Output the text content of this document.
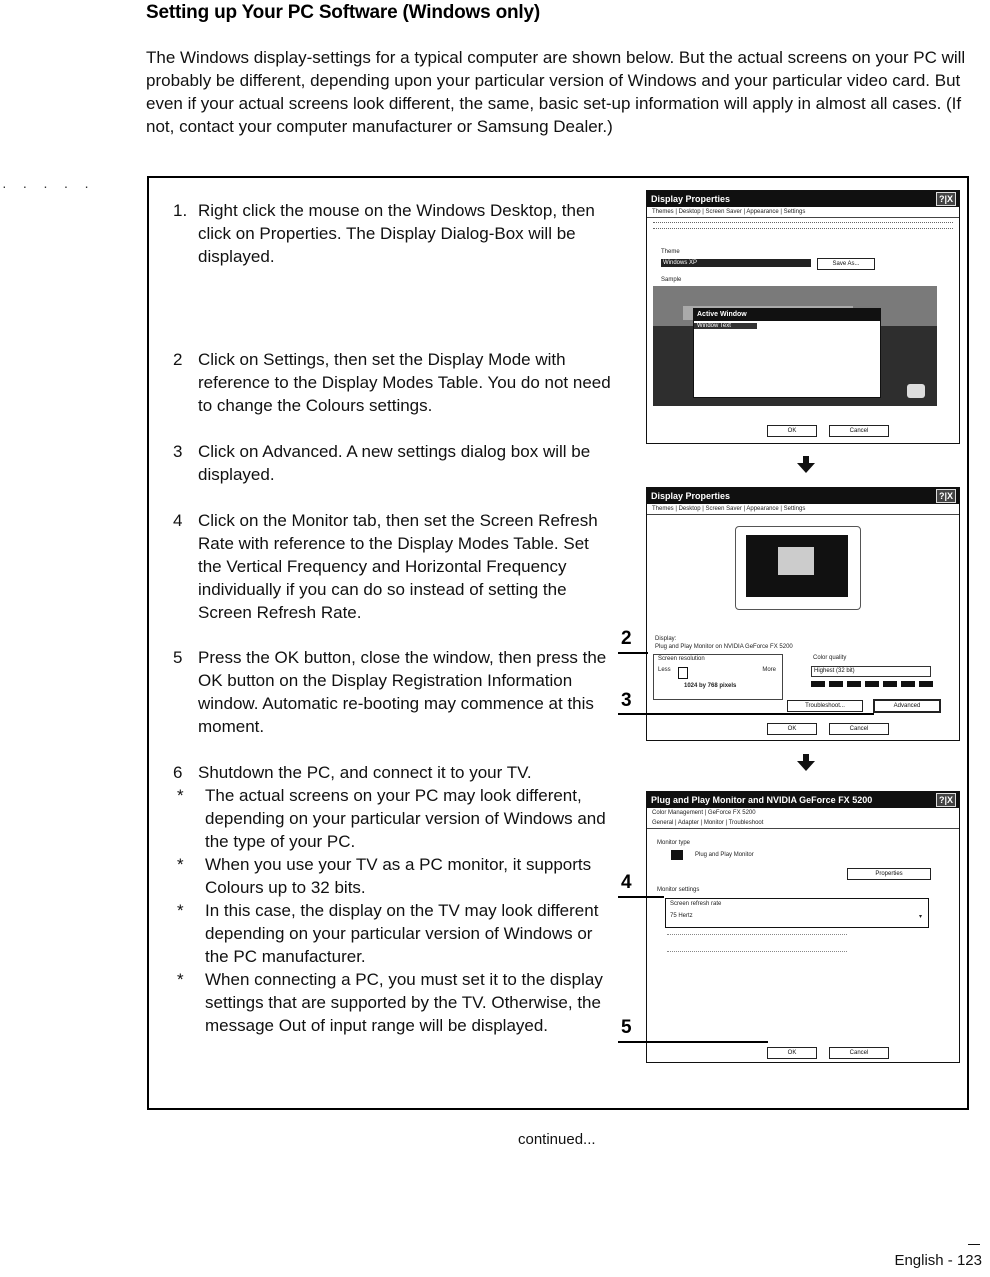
Setting up Your PC Software (Windows only)

The Windows display-settings for a typical computer are shown below. But the actual screens on your PC will probably be different, depending upon your particular version of Windows and your particular video card. But even if your actual screens look different, the same, basic set-up information will apply in almost all cases. (If not, contact your computer manufacturer or Samsung Dealer.)

· · · · ·
1. Right click the mouse on the Windows Desktop, then click on Properties. The Display Dialog-Box will be displayed.
2 Click on Settings, then set the Display Mode with reference to the Display Modes Table. You do not need to change the Colours settings.
3 Click on Advanced. A new settings dialog box will be displayed.
4 Click on the Monitor tab, then set the Screen Refresh Rate with reference to the Display Modes Table. Set the Vertical Frequency and Horizontal Frequency individually if you can do so instead of setting the Screen Refresh Rate.
5 Press the OK button, close the window, then press the OK button on the Display Registration Information window. Automatic re-booting may commence at this moment.
6 Shutdown the PC, and connect it to your TV.
* The actual screens on your PC may look different, depending on your particular version of Windows and the type of your PC.
* When you use your TV as a PC monitor, it supports Colours up to 32 bits.
* In this case, the display on the TV may look different depending on your particular version of Windows or the PC manufacturer.
* When connecting a PC, you must set it to the display settings that are supported by the TV. Otherwise, the message Out of input range will be displayed.
Display Properties	?|X
Themes | Desktop | Screen Saver | Appearance | Settings
Theme
Windows XP	Save As...
Sample
Active Window
Window Text
OK	Cancel
Display Properties	?|X
Themes | Desktop | Screen Saver | Appearance | Settings
Display:
Plug and Play Monitor on NVIDIA GeForce FX 5200
Screen resolution
Less	More
1024 by 768 pixels
Color quality
Highest (32 bit)
Troubleshoot...	Advanced
OK	Cancel
Plug and Play Monitor and NVIDIA GeForce FX 5200	?|X
Color Management | GeForce FX 5200
General | Adapter | Monitor | Troubleshoot
Monitor type
Plug and Play Monitor
Properties
Monitor settings
Screen refresh rate
75 Hertz	▾
OK	Cancel
2
3
4
5
continued...
English - 123
